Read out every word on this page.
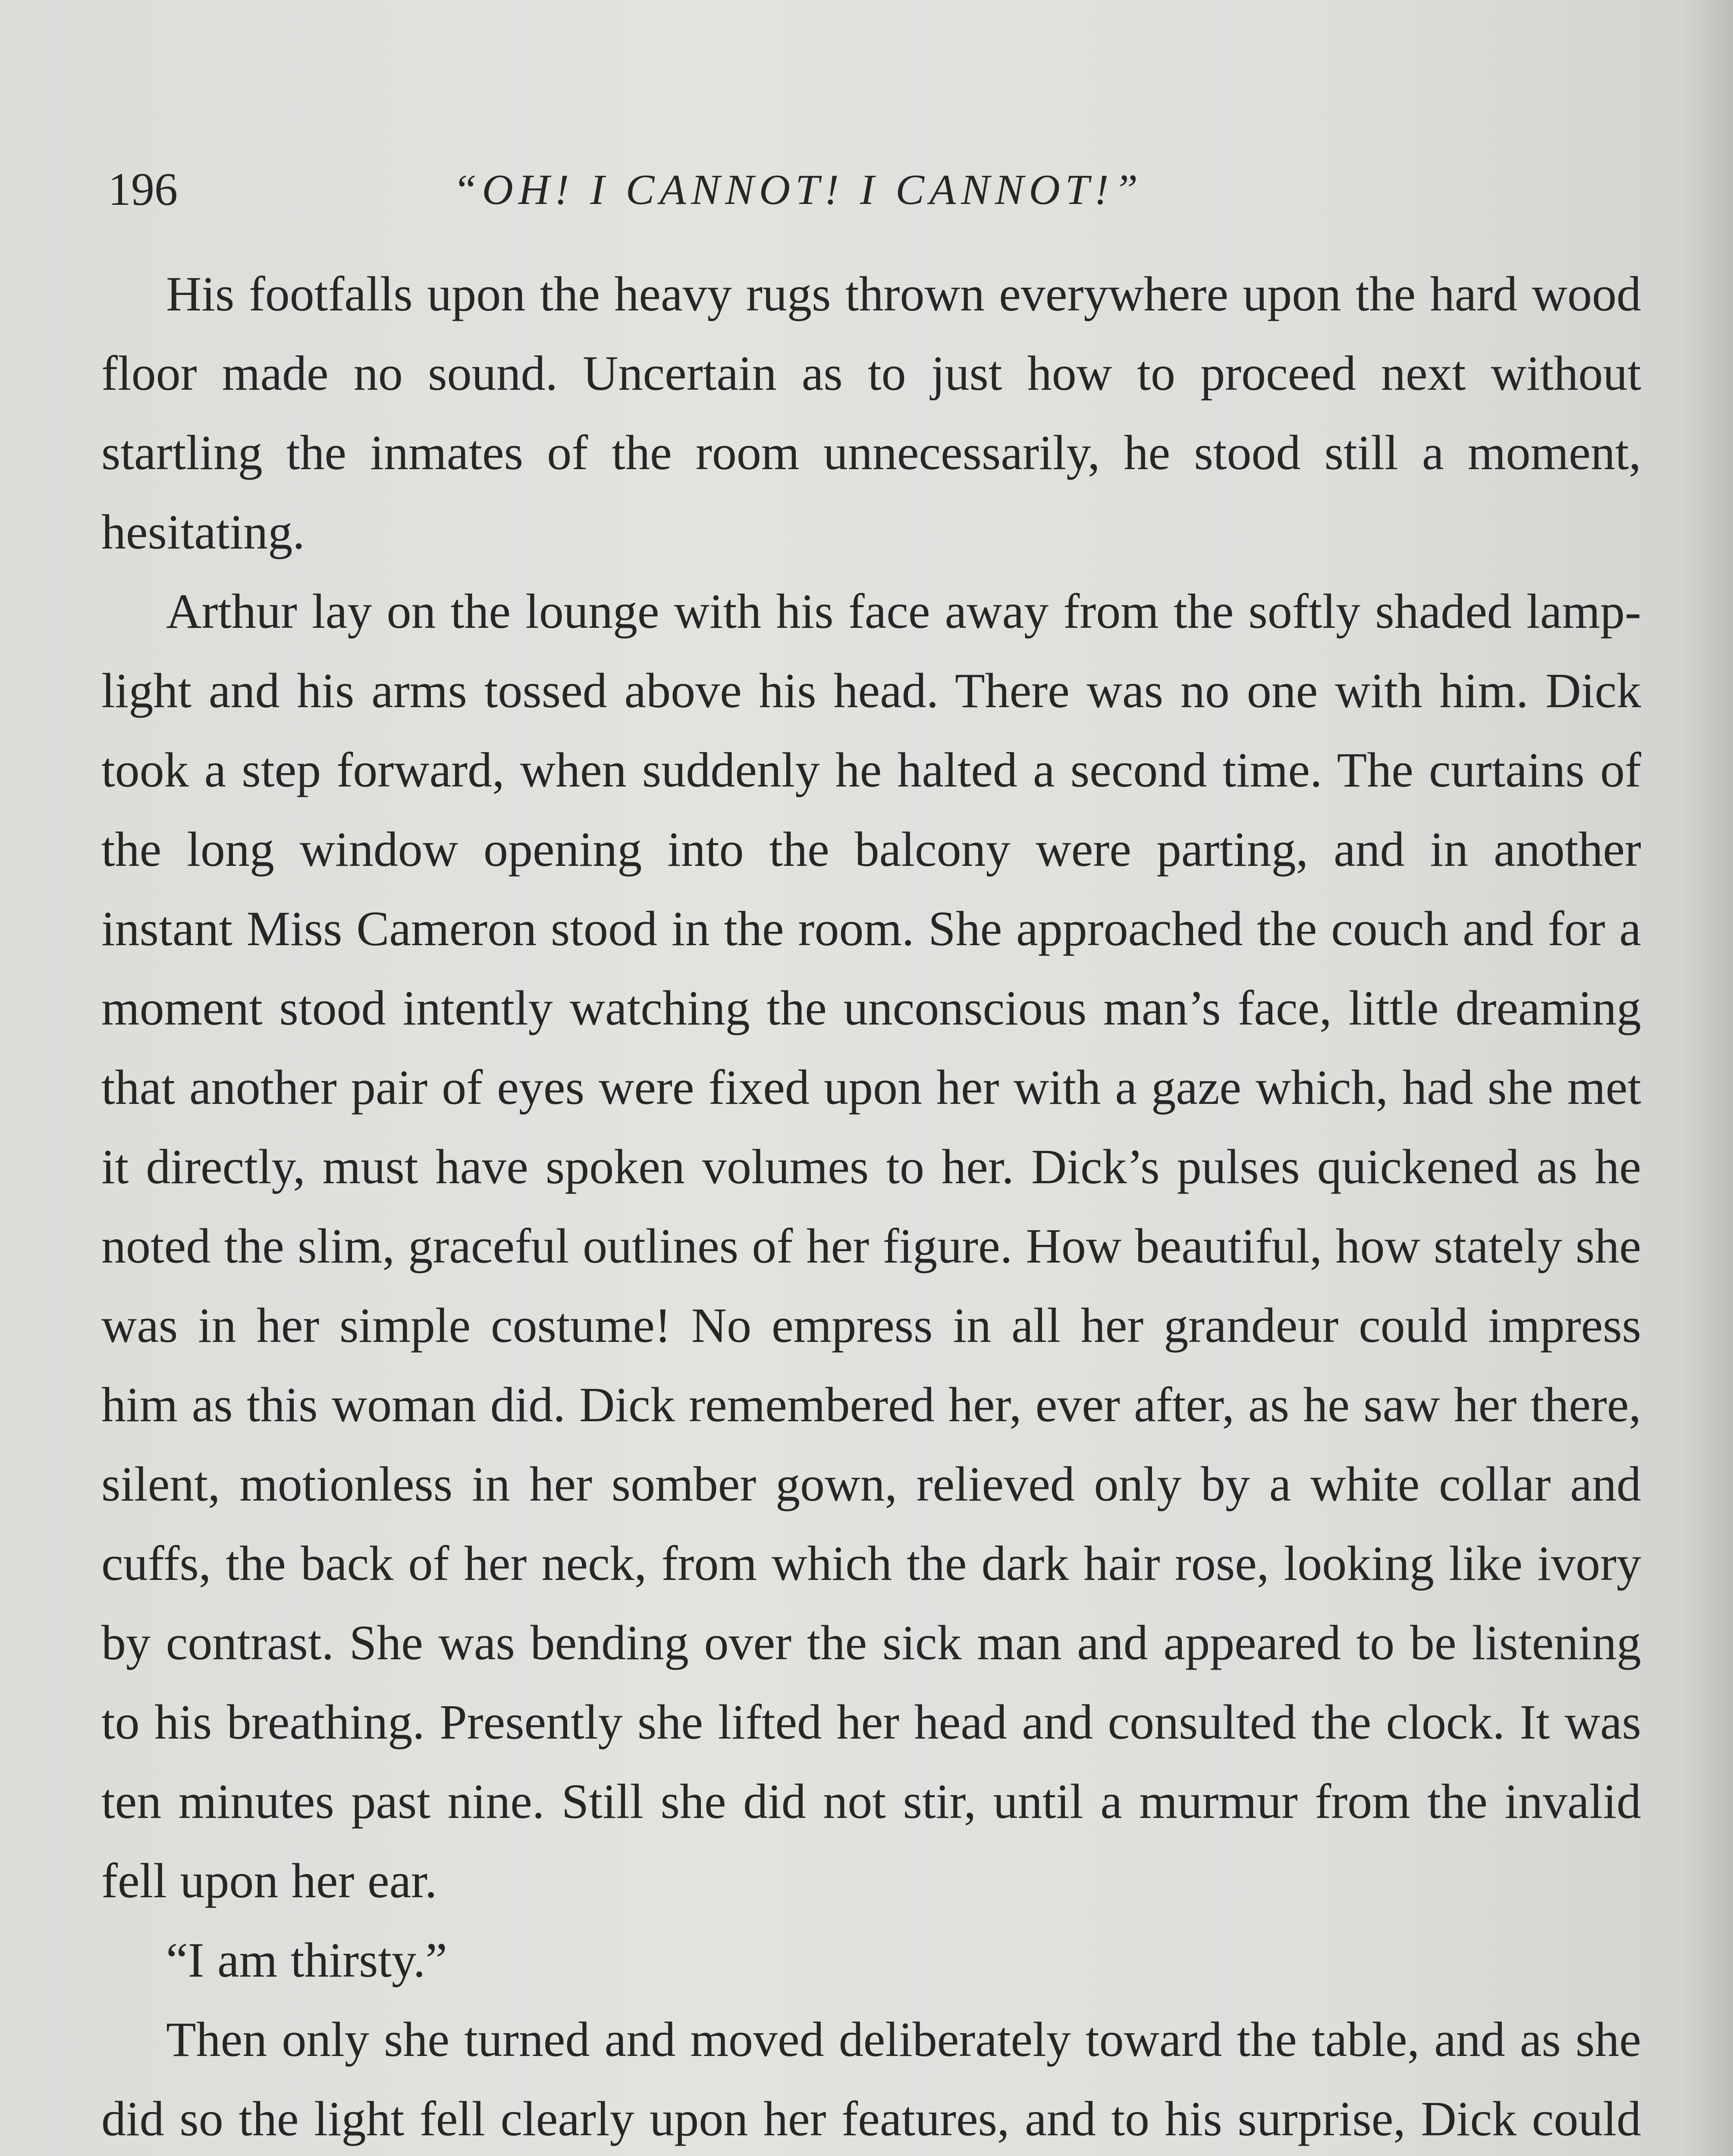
196	“OH! I CANNOT! I CANNOT!”

His footfalls upon the heavy rugs thrown everywhere upon the hard wood floor made no sound. Uncertain as to just how to proceed next without startling the inmates of the room unnecessarily, he stood still a moment, hesitating.

Arthur lay on the lounge with his face away from the softly shaded lamp-light and his arms tossed above his head. There was no one with him. Dick took a step forward, when suddenly he halted a second time. The curtains of the long window opening into the balcony were parting, and in another instant Miss Cameron stood in the room. She approached the couch and for a moment stood intently watching the unconscious man’s face, little dreaming that another pair of eyes were fixed upon her with a gaze which, had she met it directly, must have spoken volumes to her. Dick’s pulses quickened as he noted the slim, graceful outlines of her figure. How beautiful, how stately she was in her simple costume! No empress in all her grandeur could impress him as this woman did. Dick remembered her, ever after, as he saw her there, silent, motionless in her somber gown, relieved only by a white collar and cuffs, the back of her neck, from which the dark hair rose, looking like ivory by contrast. She was bending over the sick man and appeared to be listening to his breathing. Presently she lifted her head and consulted the clock. It was ten minutes past nine. Still she did not stir, until a murmur from the invalid fell upon her ear.

“I am thirsty.”

Then only she turned and moved deliberately toward the table, and as she did so the light fell clearly upon her features, and to his surprise, Dick could
